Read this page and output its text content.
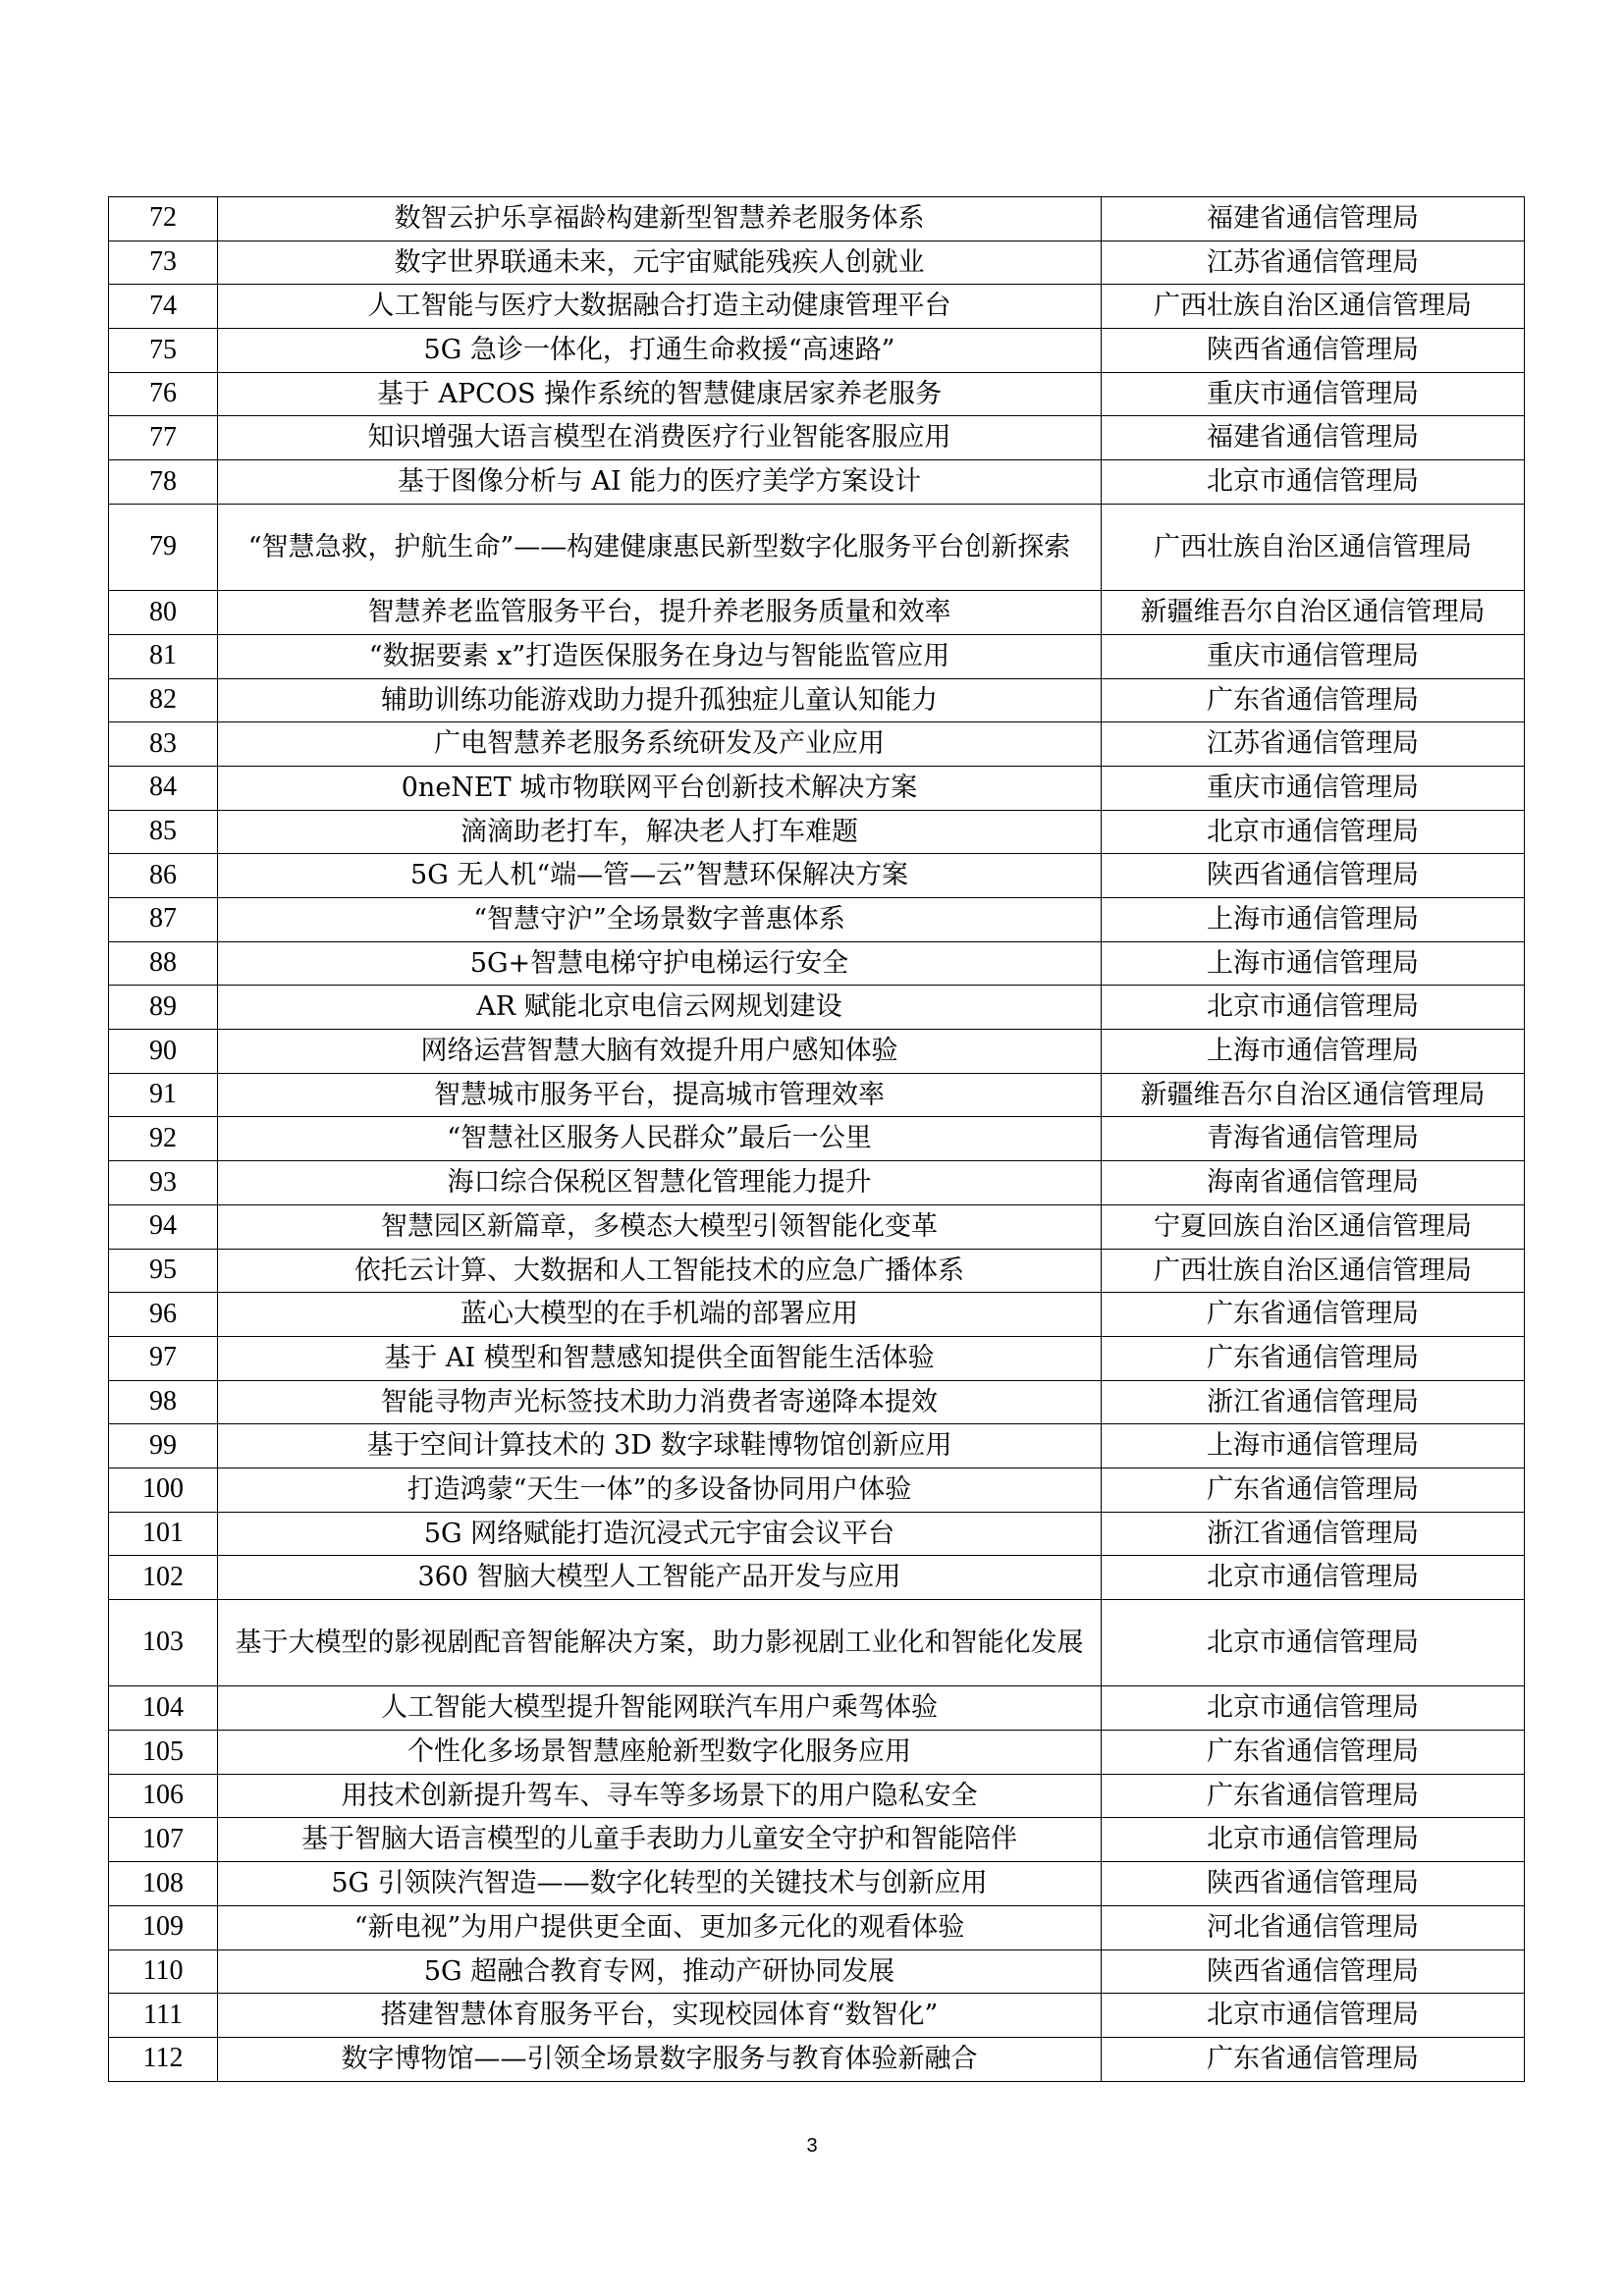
72	数智云护乐享福龄构建新型智慧养老服务体系	福建省通信管理局
73	数字世界联通未来，元宇宙赋能残疾人创就业	江苏省通信管理局
74	人工智能与医疗大数据融合打造主动健康管理平台	广西壮族自治区通信管理局
75	5G 急诊一体化，打通生命救援“高速路”	陕西省通信管理局
76	基于 APCOS 操作系统的智慧健康居家养老服务	重庆市通信管理局
77	知识增强大语言模型在消费医疗行业智能客服应用	福建省通信管理局
78	基于图像分析与 AI 能力的医疗美学方案设计	北京市通信管理局
79	“智慧急救，护航生命”——构建健康惠民新型数字化服务平台创新探索	广西壮族自治区通信管理局
80	智慧养老监管服务平台，提升养老服务质量和效率	新疆维吾尔自治区通信管理局
81	“数据要素 x”打造医保服务在身边与智能监管应用	重庆市通信管理局
82	辅助训练功能游戏助力提升孤独症儿童认知能力	广东省通信管理局
83	广电智慧养老服务系统研发及产业应用	江苏省通信管理局
84	0neNET 城市物联网平台创新技术解决方案	重庆市通信管理局
85	滴滴助老打车，解决老人打车难题	北京市通信管理局
86	5G 无人机“端—管—云”智慧环保解决方案	陕西省通信管理局
87	“智慧守沪”全场景数字普惠体系	上海市通信管理局
88	5G+智慧电梯守护电梯运行安全	上海市通信管理局
89	AR 赋能北京电信云网规划建设	北京市通信管理局
90	网络运营智慧大脑有效提升用户感知体验	上海市通信管理局
91	智慧城市服务平台，提高城市管理效率	新疆维吾尔自治区通信管理局
92	“智慧社区服务人民群众”最后一公里	青海省通信管理局
93	海口综合保税区智慧化管理能力提升	海南省通信管理局
94	智慧园区新篇章，多模态大模型引领智能化变革	宁夏回族自治区通信管理局
95	依托云计算、大数据和人工智能技术的应急广播体系	广西壮族自治区通信管理局
96	蓝心大模型的在手机端的部署应用	广东省通信管理局
97	基于 AI 模型和智慧感知提供全面智能生活体验	广东省通信管理局
98	智能寻物声光标签技术助力消费者寄递降本提效	浙江省通信管理局
99	基于空间计算技术的 3D 数字球鞋博物馆创新应用	上海市通信管理局
100	打造鸿蒙“天生一体”的多设备协同用户体验	广东省通信管理局
101	5G 网络赋能打造沉浸式元宇宙会议平台	浙江省通信管理局
102	360 智脑大模型人工智能产品开发与应用	北京市通信管理局
103	基于大模型的影视剧配音智能解决方案，助力影视剧工业化和智能化发展	北京市通信管理局
104	人工智能大模型提升智能网联汽车用户乘驾体验	北京市通信管理局
105	个性化多场景智慧座舱新型数字化服务应用	广东省通信管理局
106	用技术创新提升驾车、寻车等多场景下的用户隐私安全	广东省通信管理局
107	基于智脑大语言模型的儿童手表助力儿童安全守护和智能陪伴	北京市通信管理局
108	5G 引领陕汽智造——数字化转型的关键技术与创新应用	陕西省通信管理局
109	“新电视”为用户提供更全面、更加多元化的观看体验	河北省通信管理局
110	5G 超融合教育专网，推动产研协同发展	陕西省通信管理局
111	搭建智慧体育服务平台，实现校园体育“数智化”	北京市通信管理局
112	数字博物馆——引领全场景数字服务与教育体验新融合	广东省通信管理局
3
